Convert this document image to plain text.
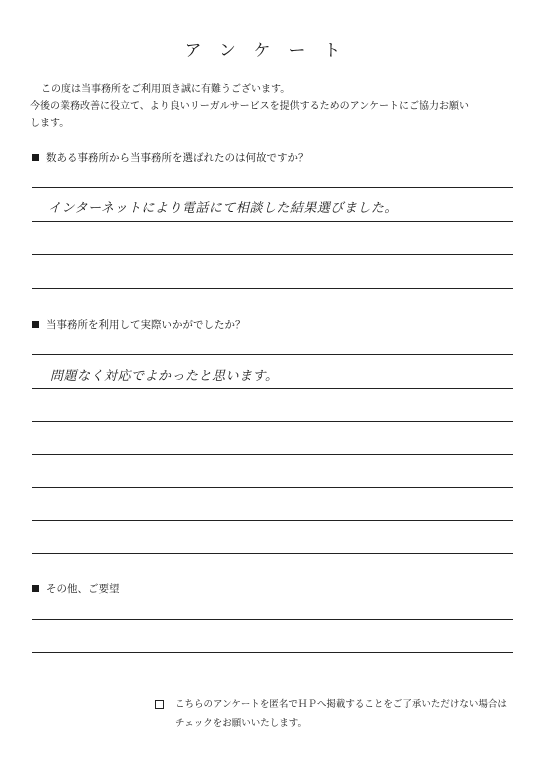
アンケート

この度は当事務所をご利用頂き誠に有難うございます。

今後の業務改善に役立て、より良いリーガルサービスを提供するためのアンケートにご協力お願い

します。

数ある事務所から当事務所を選ばれたのは何故ですか？
インターネットにより電話にて相談した結果選びました。
当事務所を利用して実際いかがでしたか？
問題なく対応でよかったと思います。
その他、ご要望
こちらのアンケートを匿名でＨＰへ掲載することをご了承いただけない場合は
チェックをお願いいたします。
